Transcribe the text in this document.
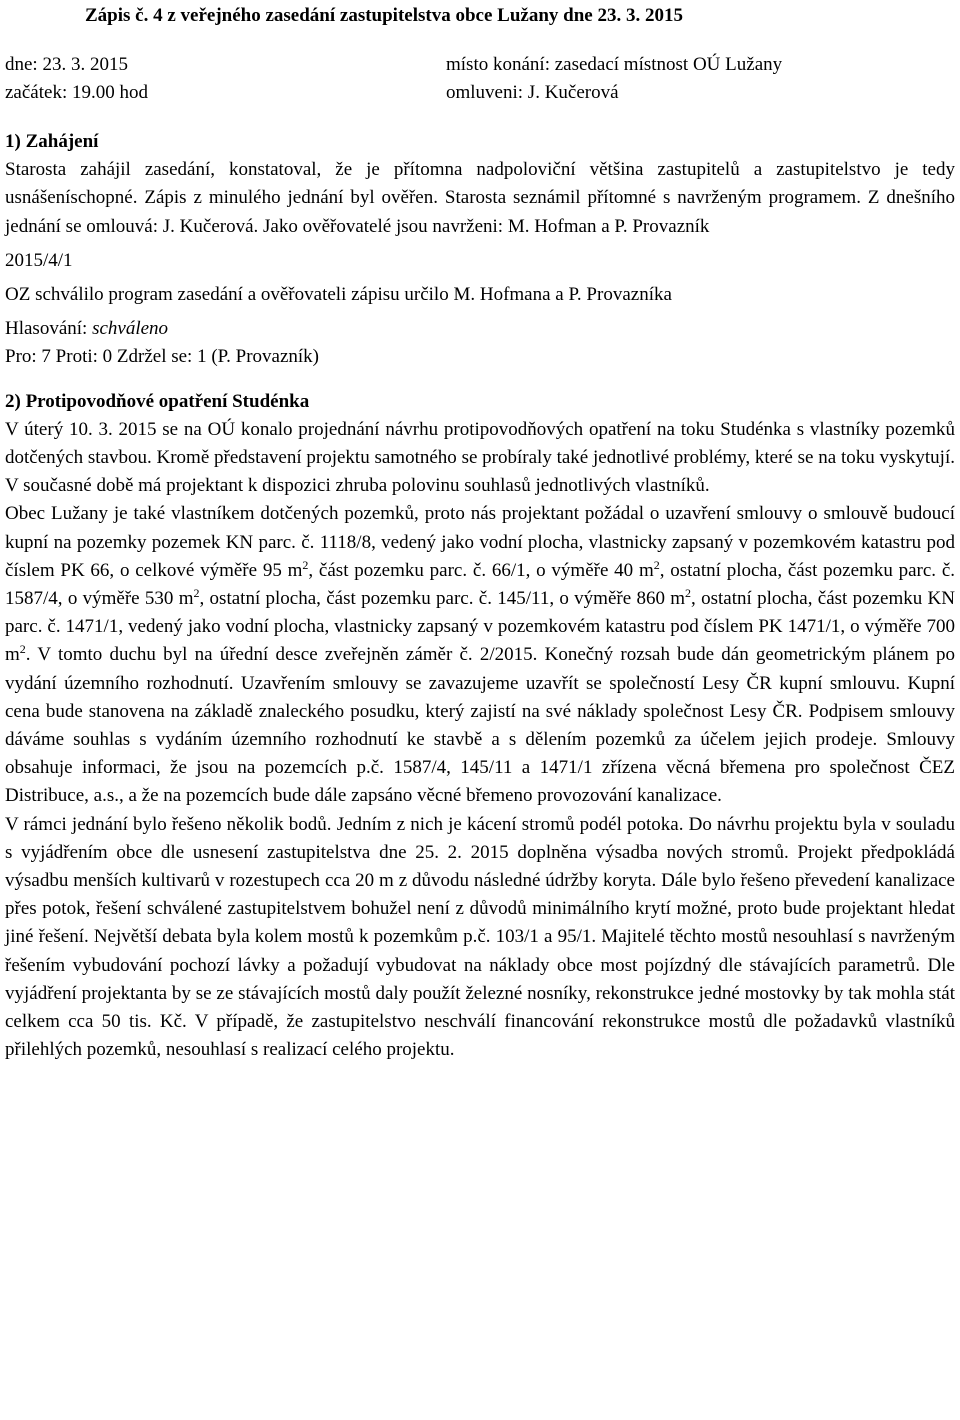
Zápis č. 4 z veřejného zasedání zastupitelstva obce Lužany dne 23. 3. 2015
dne: 23. 3. 2015
začátek: 19.00 hod
místo konání: zasedací místnost OÚ Lužany
omluveni: J. Kučerová
1) Zahájení

Starosta zahájil zasedání, konstatoval, že je přítomna nadpoloviční většina zastupitelů a zastupitelstvo je tedy usnášeníschopné. Zápis z minulého jednání byl ověřen. Starosta seznámil přítomné s navrženým programem. Z dnešního jednání se omlouvá: J. Kučerová. Jako ověřovatelé jsou navrženi: M. Hofman a P. Provazník

2015/4/1

OZ schválilo program zasedání a ověřovateli zápisu určilo M. Hofmana a P. Provazníka

Hlasování: schváleno

Pro: 7 Proti: 0 Zdržel se: 1 (P. Provazník)

2) Protipovodňové opatření Studénka

V úterý 10. 3. 2015 se na OÚ konalo projednání návrhu protipovodňových opatření na toku Studénka s vlastníky pozemků dotčených stavbou. Kromě představení projektu samotného se probíraly také jednotlivé problémy, které se na toku vyskytují. V současné době má projektant k dispozici zhruba polovinu souhlasů jednotlivých vlastníků.

Obec Lužany je také vlastníkem dotčených pozemků, proto nás projektant požádal o uzavření smlouvy o smlouvě budoucí kupní na pozemky pozemek KN parc. č. 1118/8, vedený jako vodní plocha, vlastnicky zapsaný v pozemkovém katastru pod číslem PK 66, o celkové výměře 95 $m^2$, část pozemku parc. č. 66/1, o výměře 40 $m^2$, ostatní plocha, část pozemku parc. č. 1587/4, o výměře 530 $m^2$, ostatní plocha, část pozemku parc. č. 145/11, o výměře 860 $m^2$, ostatní plocha, část pozemku KN parc. č. 1471/1, vedený jako vodní plocha, vlastnicky zapsaný v pozemkovém katastru pod číslem PK 1471/1, o výměře 700 $m^2$. V tomto duchu byl na úřední desce zveřejněn záměr č. 2/2015. Konečný rozsah bude dán geometrickým plánem po vydání územního rozhodnutí. Uzavřením smlouvy se zavazujeme uzavřít se společností Lesy ČR kupní smlouvu. Kupní cena bude stanovena na základě znaleckého posudku, který zajistí na své náklady společnost Lesy ČR. Podpisem smlouvy dáváme souhlas s vydáním územního rozhodnutí ke stavbě a s dělením pozemků za účelem jejich prodeje. Smlouvy obsahuje informaci, že jsou na pozemcích p.č. 1587/4, 145/11 a 1471/1 zřízena věcná břemena pro společnost ČEZ Distribuce, a.s., a že na pozemcích bude dále zapsáno věcné břemeno provozování kanalizace.

V rámci jednání bylo řešeno několik bodů. Jedním z nich je kácení stromů podél potoka. Do návrhu projektu byla v souladu s vyjádřením obce dle usnesení zastupitelstva dne 25. 2. 2015 doplněna výsadba nových stromů. Projekt předpokládá výsadbu menších kultivarů v rozestupech cca 20 m z důvodu následné údržby koryta. Dále bylo řešeno převedení kanalizace přes potok, řešení schválené zastupitelstvem bohužel není z důvodů minimálního krytí možné, proto bude projektant hledat jiné řešení. Největší debata byla kolem mostů k pozemkům p.č. 103/1 a 95/1. Majitelé těchto mostů nesouhlasí s navrženým řešením vybudování pochozí lávky a požadují vybudovat na náklady obce most pojízdný dle stávajících parametrů. Dle vyjádření projektanta by se ze stávajících mostů daly použít železné nosníky, rekonstrukce jedné mostovky by tak mohla stát celkem cca 50 tis. Kč. V případě, že zastupitelstvo neschválí financování rekonstrukce mostů dle požadavků vlastníků přilehlých pozemků, nesouhlasí s realizací celého projektu.
